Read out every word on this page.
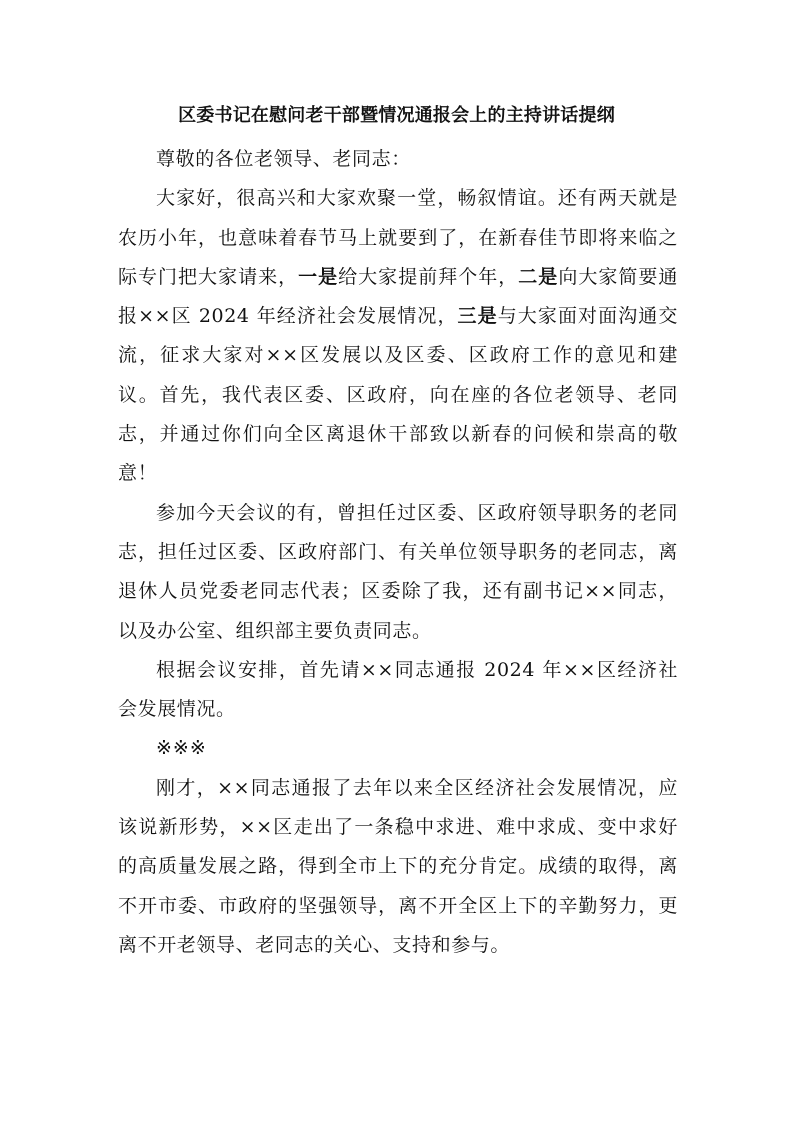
区委书记在慰问老干部暨情况通报会上的主持讲话提纲

尊敬的各位老领导、老同志：

大家好，很高兴和大家欢聚一堂，畅叙情谊。还有两天就是农历小年，也意味着春节马上就要到了，在新春佳节即将来临之际专门把大家请来，一是给大家提前拜个年，二是向大家简要通报××区 2024 年经济社会发展情况，三是与大家面对面沟通交流，征求大家对××区发展以及区委、区政府工作的意见和建议。首先，我代表区委、区政府，向在座的各位老领导、老同志，并通过你们向全区离退休干部致以新春的问候和崇高的敬意！

参加今天会议的有，曾担任过区委、区政府领导职务的老同志，担任过区委、区政府部门、有关单位领导职务的老同志，离退休人员党委老同志代表；区委除了我，还有副书记××同志，以及办公室、组织部主要负责同志。

根据会议安排，首先请××同志通报 2024 年××区经济社会发展情况。

※※※

刚才，××同志通报了去年以来全区经济社会发展情况，应该说新形势，××区走出了一条稳中求进、难中求成、变中求好的高质量发展之路，得到全市上下的充分肯定。成绩的取得，离不开市委、市政府的坚强领导，离不开全区上下的辛勤努力，更离不开老领导、老同志的关心、支持和参与。
